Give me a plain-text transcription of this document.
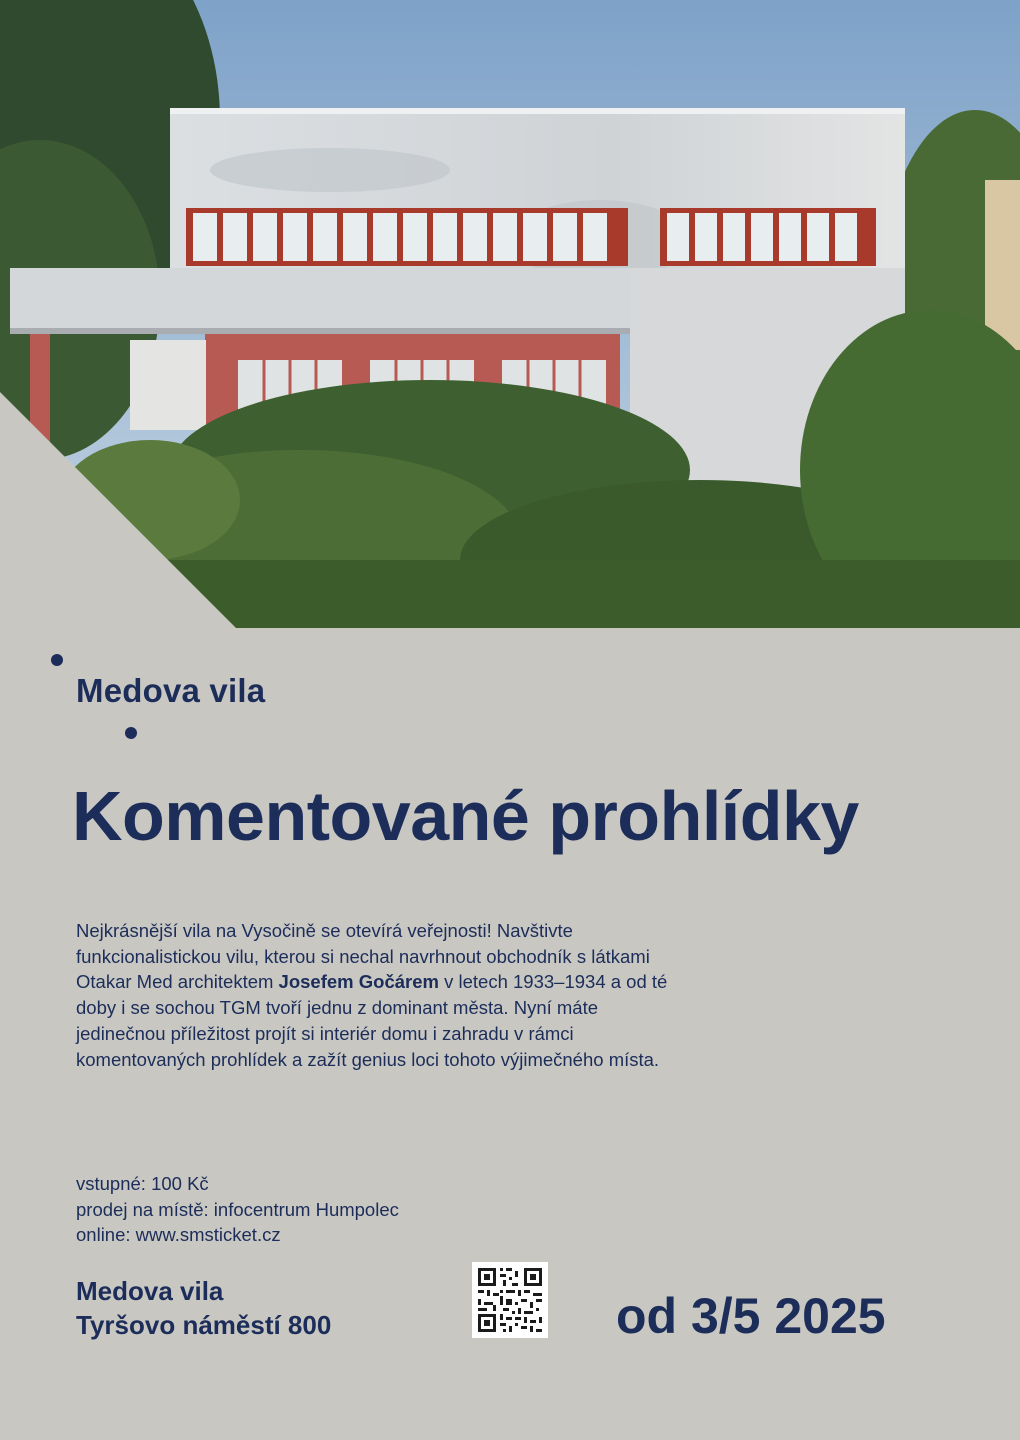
Medova vila
Komentované prohlídky

Nejkrásnější vila na Vysočině se otevírá veřejnosti! Navštivte funkcionalistickou vilu, kterou si nechal navrhnout obchodník s látkami Otakar Med architektem Josefem Gočárem v letech 1933–1934 a od té doby i se sochou TGM tvoří jednu z dominant města. Nyní máte jedinečnou příležitost projít si interiér domu i zahradu v rámci komentovaných prohlídek a zažít genius loci tohoto výjimečného místa.

vstupné: 100 Kč
prodej na místě: infocentrum Humpolec
online: www.smsticket.cz
Medova vila
Tyršovo náměstí 800	od 3/5 2025
